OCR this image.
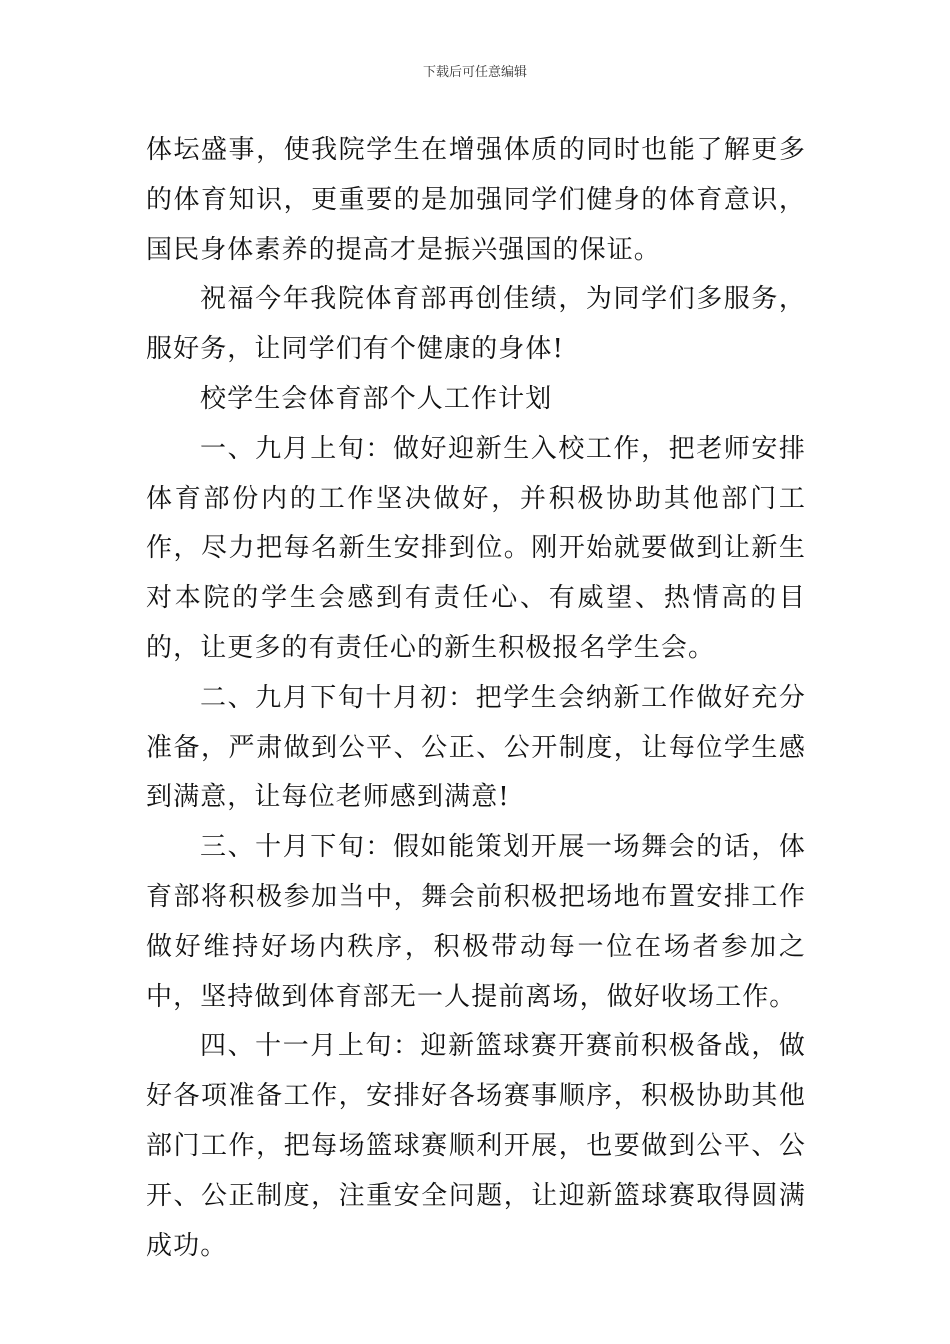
下载后可任意编辑

体坛盛事，使我院学生在增强体质的同时也能了解更多的体育知识，更重要的是加强同学们健身的体育意识，国民身体素养的提高才是振兴强国的保证。

祝福今年我院体育部再创佳绩，为同学们多服务，服好务，让同学们有个健康的身体!

校学生会体育部个人工作计划

一、九月上旬：做好迎新生入校工作，把老师安排体育部份内的工作坚决做好，并积极协助其他部门工作，尽力把每名新生安排到位。刚开始就要做到让新生对本院的学生会感到有责任心、有威望、热情高的目的，让更多的有责任心的新生积极报名学生会。

二、九月下旬十月初：把学生会纳新工作做好充分准备，严肃做到公平、公正、公开制度，让每位学生感到满意，让每位老师感到满意!

三、十月下旬：假如能策划开展一场舞会的话，体育部将积极参加当中，舞会前积极把场地布置安排工作做好维持好场内秩序，积极带动每一位在场者参加之中，坚持做到体育部无一人提前离场，做好收场工作。

四、十一月上旬：迎新篮球赛开赛前积极备战，做好各项准备工作，安排好各场赛事顺序，积极协助其他部门工作，把每场篮球赛顺利开展，也要做到公平、公开、公正制度，注重安全问题，让迎新篮球赛取得圆满成功。
